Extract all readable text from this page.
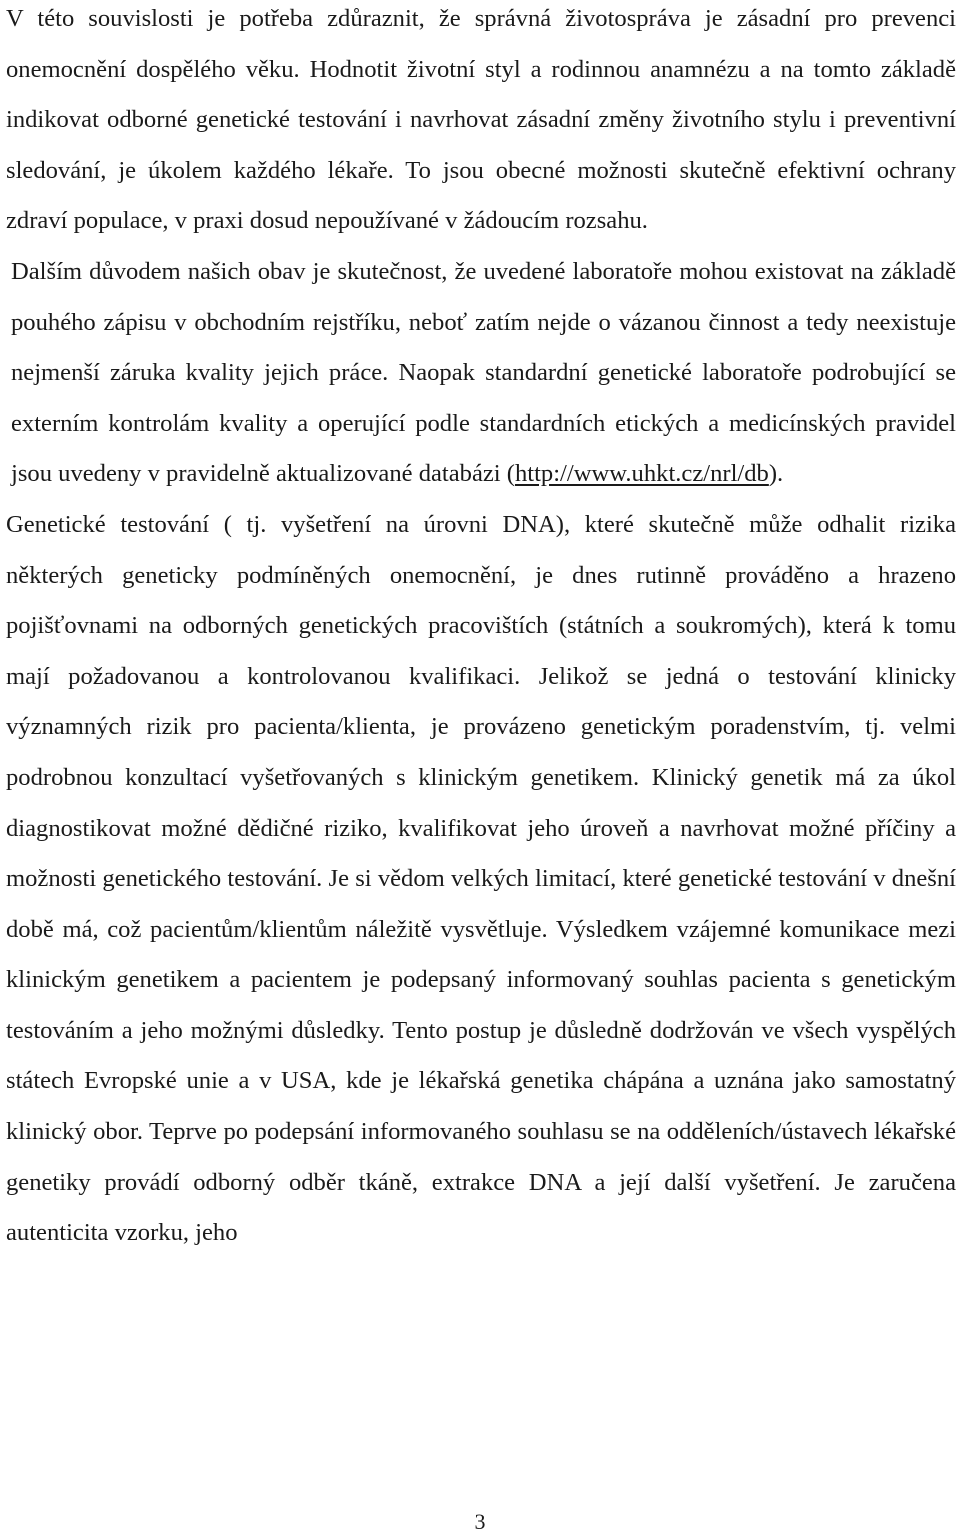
V této souvislosti je potřeba zdůraznit, že správná životospráva je zásadní pro prevenci onemocnění dospělého věku. Hodnotit životní styl a rodinnou anamnézu a na tomto základě indikovat odborné genetické testování i navrhovat zásadní změny životního stylu i preventivní sledování, je úkolem každého lékaře. To jsou obecné možnosti skutečně efektivní ochrany zdraví populace, v praxi dosud nepoužívané v žádoucím rozsahu.

Dalším důvodem našich obav je skutečnost, že uvedené laboratoře mohou existovat na základě pouhého zápisu v obchodním rejstříku, neboť zatím nejde o vázanou činnost a tedy neexistuje nejmenší záruka kvality jejich práce. Naopak standardní genetické laboratoře podrobující se externím kontrolám kvality a operující podle standardních etických a medicínských pravidel jsou uvedeny v pravidelně aktualizované databázi (http://www.uhkt.cz/nrl/db).

Genetické testování ( tj. vyšetření na úrovni DNA), které skutečně může odhalit rizika některých geneticky podmíněných onemocnění, je dnes rutinně prováděno a hrazeno pojišťovnami na odborných genetických pracovištích (státních a soukromých), která k tomu mají požadovanou a kontrolovanou kvalifikaci. Jelikož se jedná o testování klinicky významných rizik pro pacienta/klienta, je provázeno genetickým poradenstvím, tj. velmi podrobnou konzultací vyšetřovaných s klinickým genetikem. Klinický genetik má za úkol diagnostikovat možné dědičné riziko, kvalifikovat jeho úroveň a navrhovat možné příčiny a možnosti genetického testování. Je si vědom velkých limitací, které genetické testování v dnešní době má, což pacientům/klientům náležitě vysvětluje. Výsledkem vzájemné komunikace mezi klinickým genetikem a pacientem je podepsaný informovaný souhlas pacienta s genetickým testováním a jeho možnými důsledky. Tento postup je důsledně dodržován ve všech vyspělých státech Evropské unie a v USA, kde je lékařská genetika chápána a uznána jako samostatný klinický obor. Teprve po podepsání informovaného souhlasu se na odděleních/ústavech lékařské genetiky provádí odborný odběr tkáně, extrakce DNA a její další vyšetření. Je zaručena autenticita vzorku, jeho

3
